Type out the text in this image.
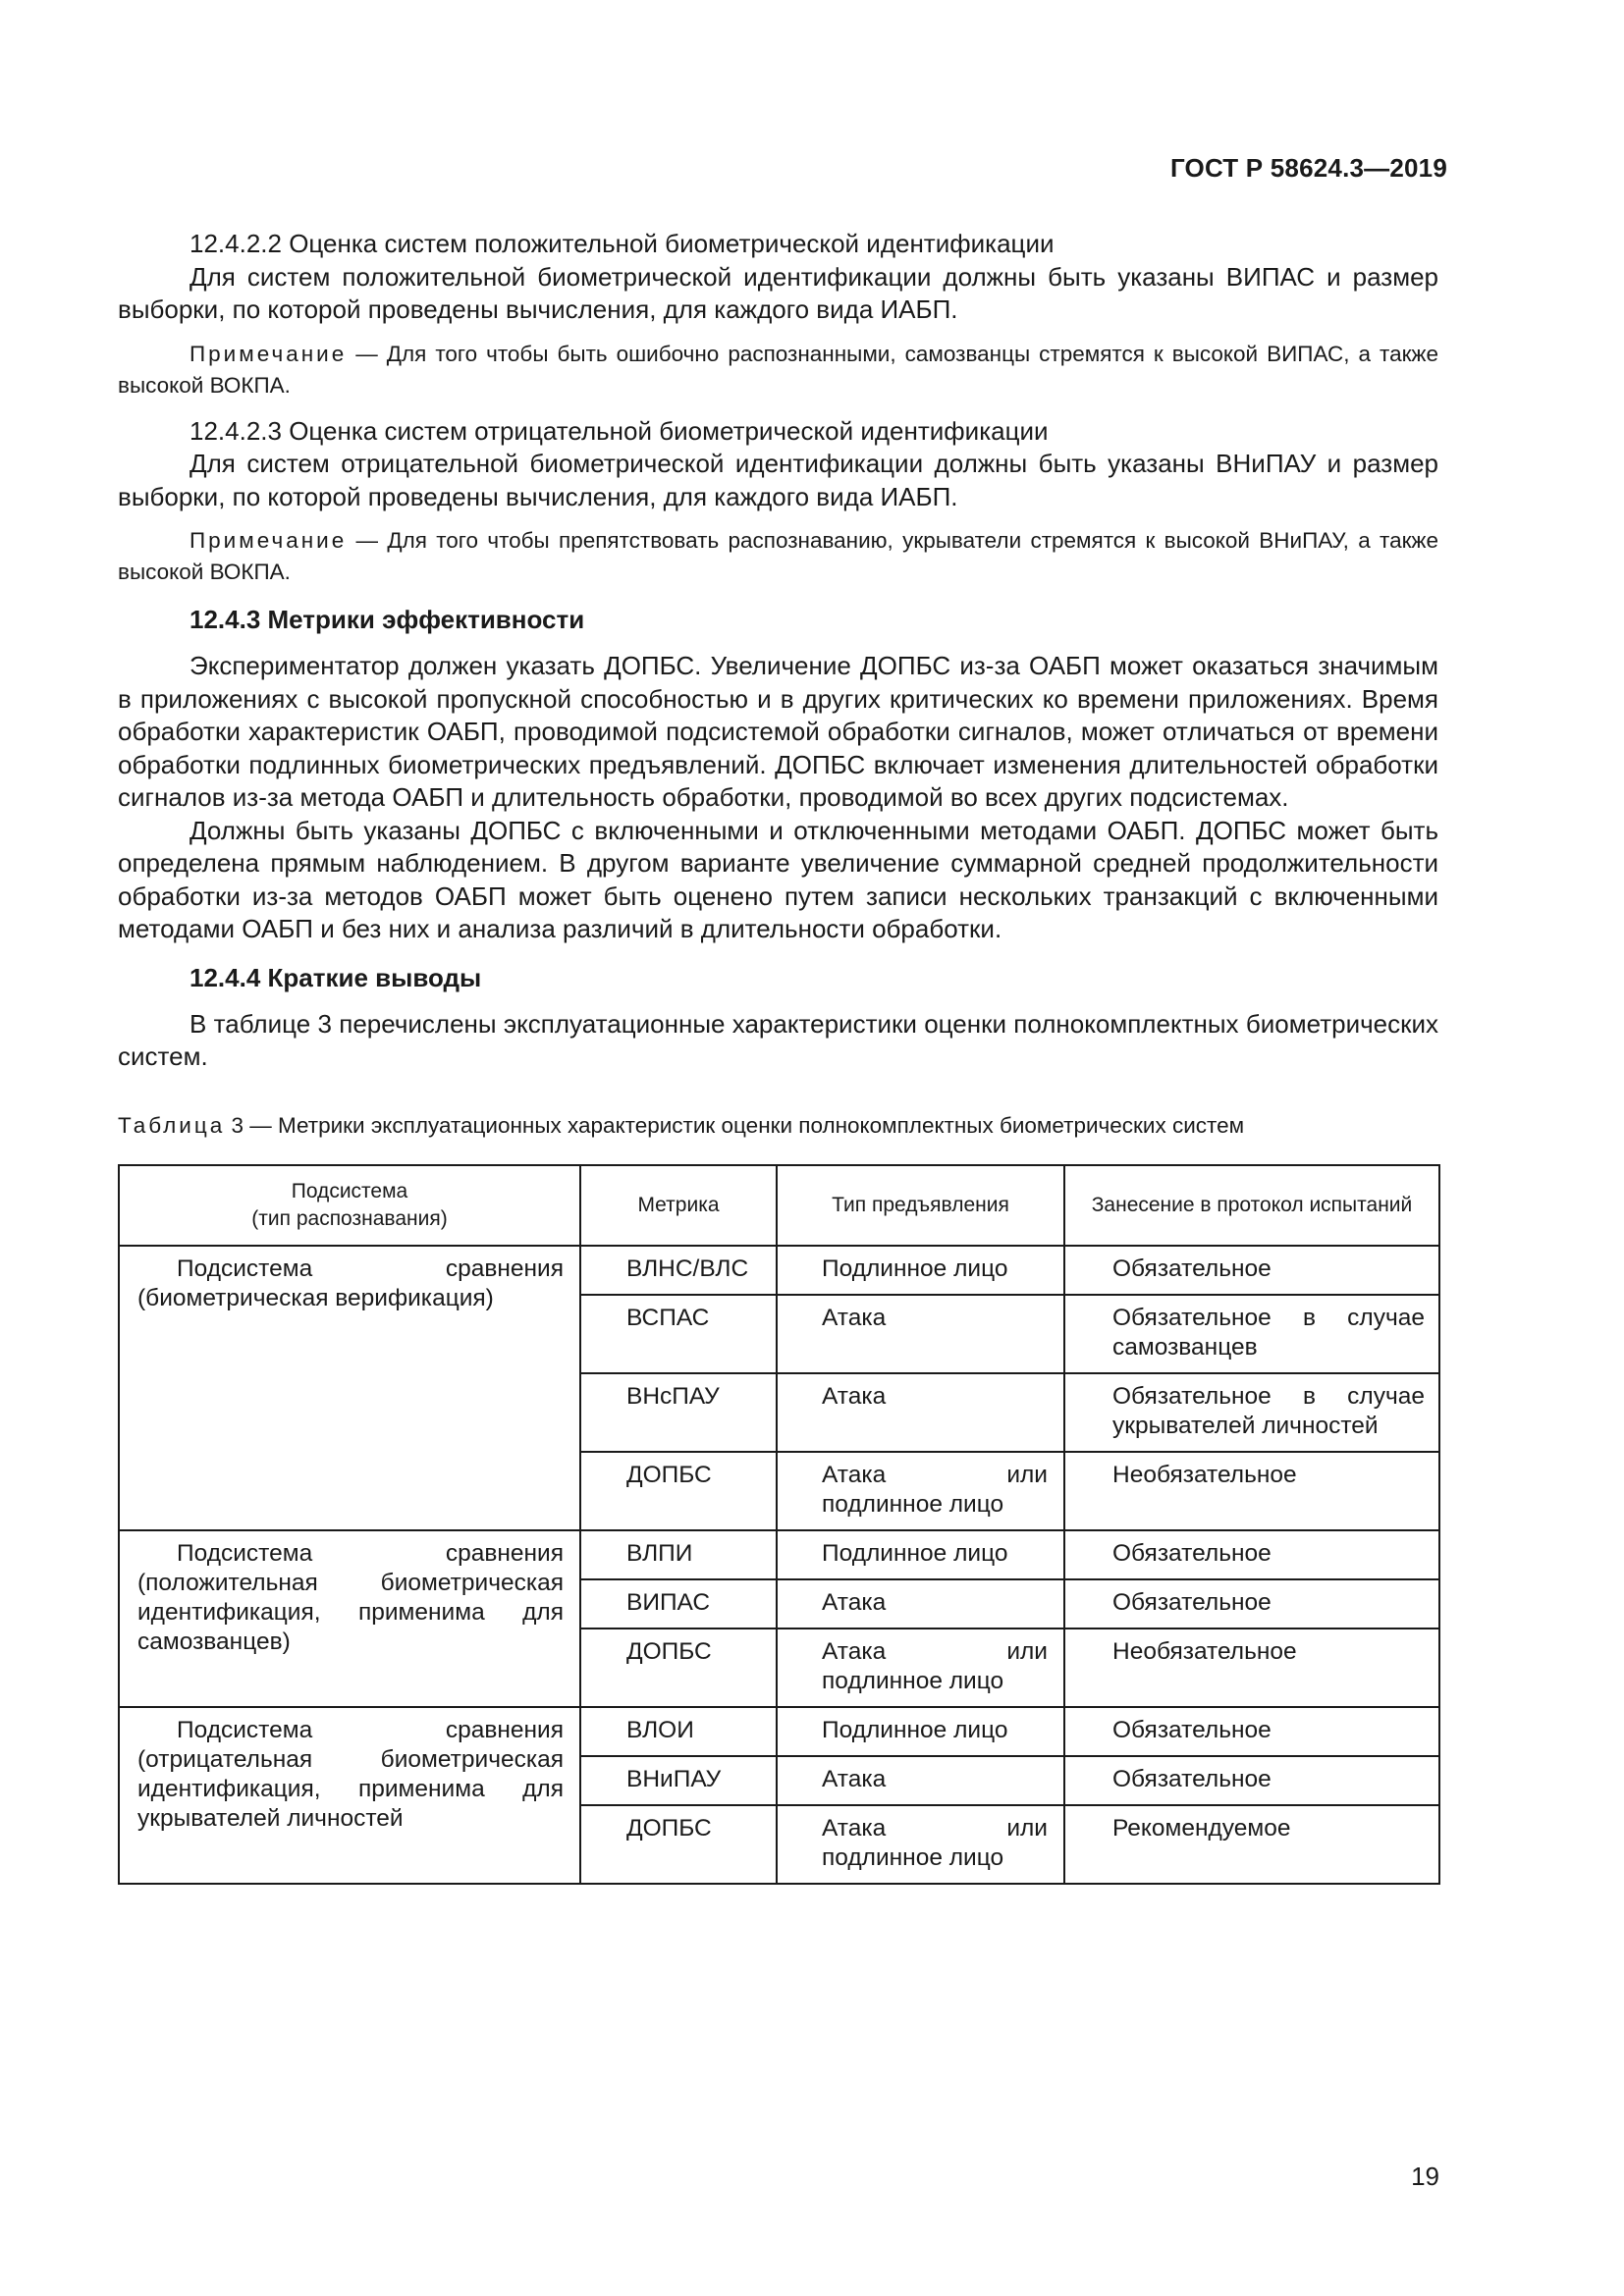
ГОСТ Р 58624.3—2019

12.4.2.2 Оценка систем положительной биометрической идентификации

Для систем положительной биометрической идентификации должны быть указаны ВИПАС и размер выборки, по которой проведены вычисления, для каждого вида ИАБП.

Примечание — Для того чтобы быть ошибочно распознанными, самозванцы стремятся к высокой ВИПАС, а также высокой ВОКПА.

12.4.2.3 Оценка систем отрицательной биометрической идентификации

Для систем отрицательной биометрической идентификации должны быть указаны ВНиПАУ и размер выборки, по которой проведены вычисления, для каждого вида ИАБП.

Примечание — Для того чтобы препятствовать распознаванию, укрыватели стремятся к высокой ВНиПАУ, а также высокой ВОКПА.
12.4.3 Метрики эффективности

Экспериментатор должен указать ДОПБС. Увеличение ДОПБС из-за ОАБП может оказаться значимым в приложениях с высокой пропускной способностью и в других критических ко времени приложениях. Время обработки характеристик ОАБП, проводимой подсистемой обработки сигналов, может отличаться от времени обработки подлинных биометрических предъявлений. ДОПБС включает изменения длительностей обработки сигналов из-за метода ОАБП и длительность обработки, проводимой во всех других подсистемах.

Должны быть указаны ДОПБС с включенными и отключенными методами ОАБП. ДОПБС может быть определена прямым наблюдением. В другом варианте увеличение суммарной средней продолжительности обработки из-за методов ОАБП может быть оценено путем записи нескольких транзакций с включенными методами ОАБП и без них и анализа различий в длительности обработки.

12.4.4 Краткие выводы

В таблице 3 перечислены эксплуатационные характеристики оценки полнокомплектных биометрических систем.

Таблица 3 — Метрики эксплуатационных характеристик оценки полнокомплектных биометрических систем
Подсистема
(тип распознавания)	Метрика	Тип предъявления	Занесение в протокол испытаний
Подсистема сравнения (биометрическая верификация)	ВЛНС/ВЛС	Подлинное лицо	Обязательное
	ВСПАС	Атака	Обязательное в случае самозванцев
	ВНсПАУ	Атака	Обязательное в случае укрывателей личностей
	ДОПБС	Атака или подлинное лицо	Необязательное
Подсистема сравнения (положительная биометрическая идентификация, применима для самозванцев)	ВЛПИ	Подлинное лицо	Обязательное
	ВИПАС	Атака	Обязательное
	ДОПБС	Атака или подлинное лицо	Необязательное
Подсистема сравнения (отрицательная биометрическая идентификация, применима для укрывателей личностей	ВЛОИ	Подлинное лицо	Обязательное
	ВНиПАУ	Атака	Обязательное
	ДОПБС	Атака или подлинное лицо	Рекомендуемое
19
